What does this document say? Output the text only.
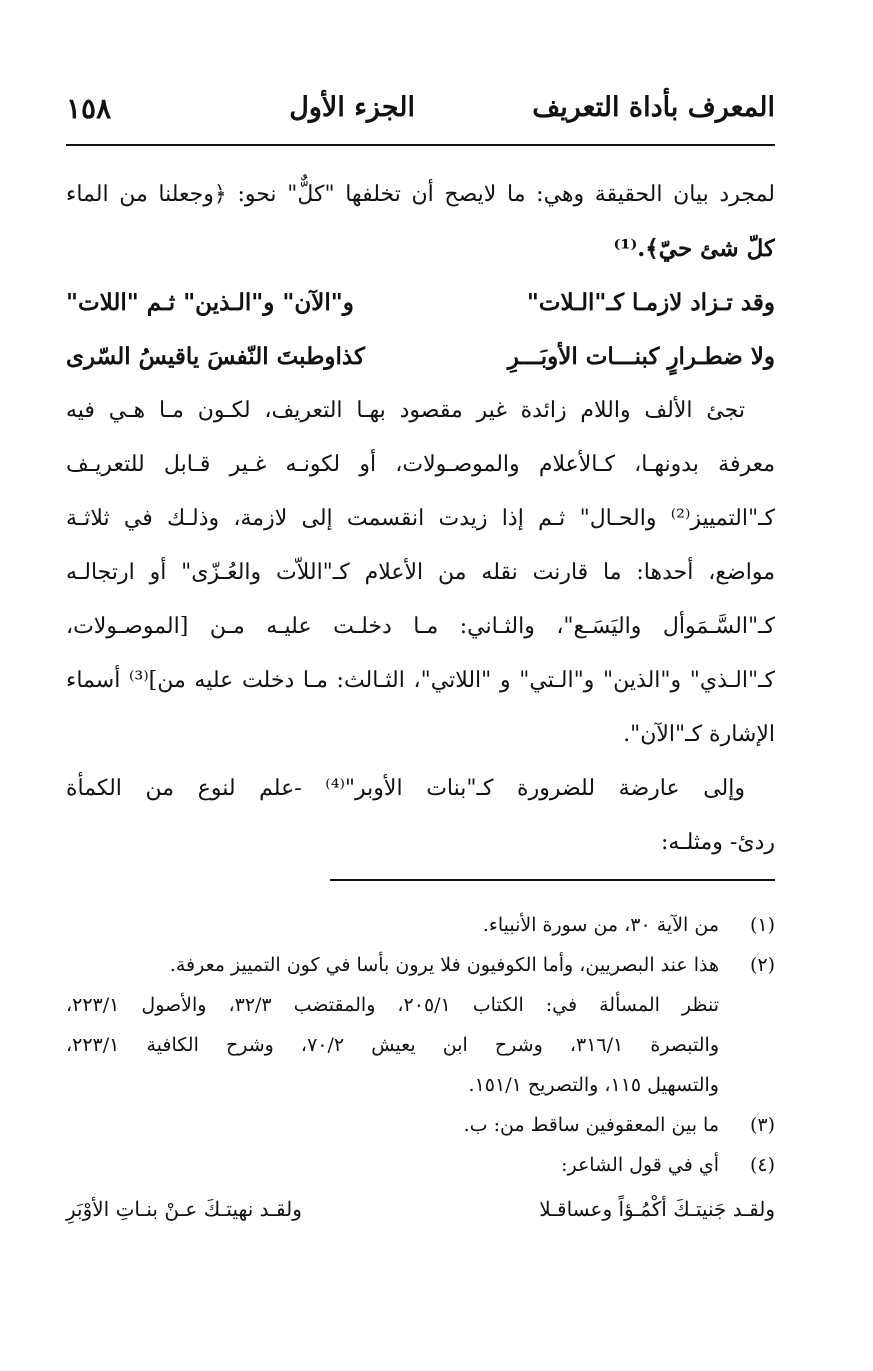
المعرف بأداة التعريف
الجزء الأول
١٥٨
لمجرد بيان الحقيقة وهي: ما لايصح أن تخلفها "كلٌّ" نحو: ﴿وجعلنا من الماء
كلّ شئ حيّ﴾.⁽¹⁾
وقد تـزاد لازمـا كـ"الـلات"
و"الآن" و"الـذين" ثـم "اللات"
ولا ضطـرارٍ كبنـــات الأوبَـــرِ
كذاوطبتَ النّفسَ ياقيسُ السّرى
تجئ الألف واللام زائدة غير مقصود بهـا التعريف، لكـون مـا هـي فيه
معرفة بدونهـا، كـالأعلام والموصـولات، أو لكونـه غـير قـابل للتعريـف
كـ"التمييز⁽²⁾ والحـال" ثـم إذا زيدت انقسمت إلى لازمة، وذلـك في ثلاثـة
مواضع، أحدها: ما قارنت نقله من الأعلام كـ"اللاّت والعُـزّى" أو ارتجالـه
كـ"السَّـمَوأل واليَسَـع"، والثـاني: مـا دخلـت عليـه مـن [الموصـولات،
كـ"الـذي" و"الذين" و"الـتي" و "اللاتي"، الثـالث: مـا دخلت عليه من]⁽³⁾ أسماء
الإشارة كـ"الآن".
وإلى عارضة للضرورة كـ"بنات الأوبر"⁽⁴⁾ -علم لنوع من الكمأة
ردئ- ومثلـه:
(١)
من الآية ٣٠، من سورة الأنبياء.
(٢)
هذا عند البصريين، وأما الكوفيون فلا يرون بأسا في كون التمييز معرفة.
تنظر المسألة في: الكتاب ٢٠٥/١، والمقتضب ٣٢/٣، والأصول ٢٢٣/١،
والتبصرة ٣١٦/١، وشرح ابن يعيش ٧٠/٢، وشرح الكافية ٢٢٣/١،
والتسهيل ١١٥، والتصريح ١٥١/١.
(٣)
ما بين المعقوفين ساقط من: ب.
(٤)
أي في قول الشاعر:
ولقـد جَنيتـكَ أكْمُـؤاً وعساقـلا
ولقـد نهيتـكَ عـنْ بنـاتِ الأوْبَرِ
